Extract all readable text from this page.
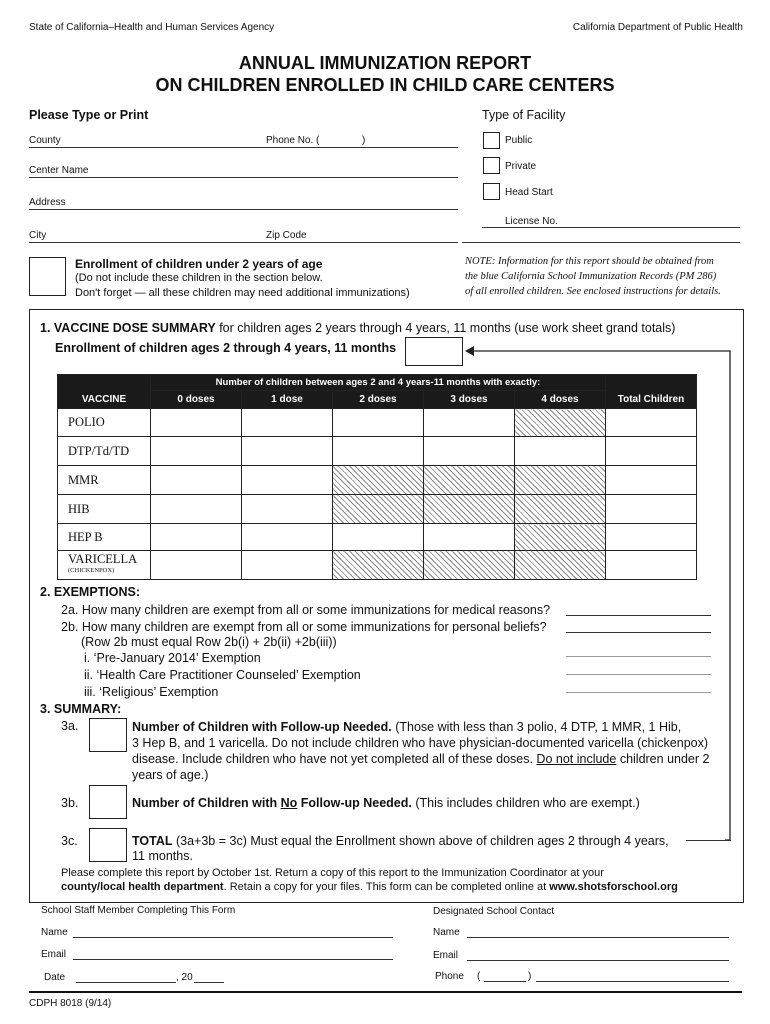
State of California–Health and Human Services Agency	California Department of Public Health
ANNUAL IMMUNIZATION REPORT
ON CHILDREN ENROLLED IN CHILD CARE CENTERS
Please Type or Print
County	Phone No. (	)
Center Name
Address
City	Zip Code
Type of Facility
Public
Private
Head Start
License No.
Enrollment of children under 2 years of age
(Do not include these children in the section below.
Don't forget — all these children may need additional immunizations)
NOTE: Information for this report should be obtained from
the blue California School Immunization Records (PM 286)
of all enrolled children. See enclosed instructions for details.
1. VACCINE DOSE SUMMARY for children ages 2 years through 4 years, 11 months (use work sheet grand totals)
Enrollment of children ages 2 through 4 years, 11 months
VACCINE	Number of children between ages 2 and 4 years-11 months with exactly:					Total Children
	0 doses	1 dose	2 doses	3 doses	4 doses	
POLIO						
DTP/Td/TD						
MMR						
HIB						
HEP B						

VARICELLA
(CHICKENPOX)						

2. EXEMPTIONS:
2a. How many children are exempt from all or some immunizations for medical reasons?
2b. How many children are exempt from all or some immunizations for personal beliefs?
(Row 2b must equal Row 2b(i) + 2b(ii) +2b(iii))
i. ‘Pre-January 2014’ Exemption
ii. ‘Health Care Practitioner Counseled’ Exemption
iii. ‘Religious’ Exemption
3. SUMMARY:
3a.	Number of Children with Follow-up Needed. (Those with less than 3 polio, 4 DTP, 1 MMR, 1 Hib,
3 Hep B, and 1 varicella. Do not include children who have physician-documented varicella (chickenpox)
disease. Include children who have not yet completed all of these doses. Do not include children under 2
years of age.)
3b.	Number of Children with No Follow-up Needed. (This includes children who are exempt.)
3c.	TOTAL (3a+3b = 3c) Must equal the Enrollment shown above of children ages 2 through 4 years,
11 months.
Please complete this report by October 1st. Return a copy of this report to the Immunization Coordinator at your
county/local health department. Retain a copy for your files. This form can be completed online at www.shotsforschool.org
School Staff Member Completing This Form	Designated School Contact
Name	Name
Email	Email
Date	, 20	Phone (	)
CDPH 8018 (9/14)
